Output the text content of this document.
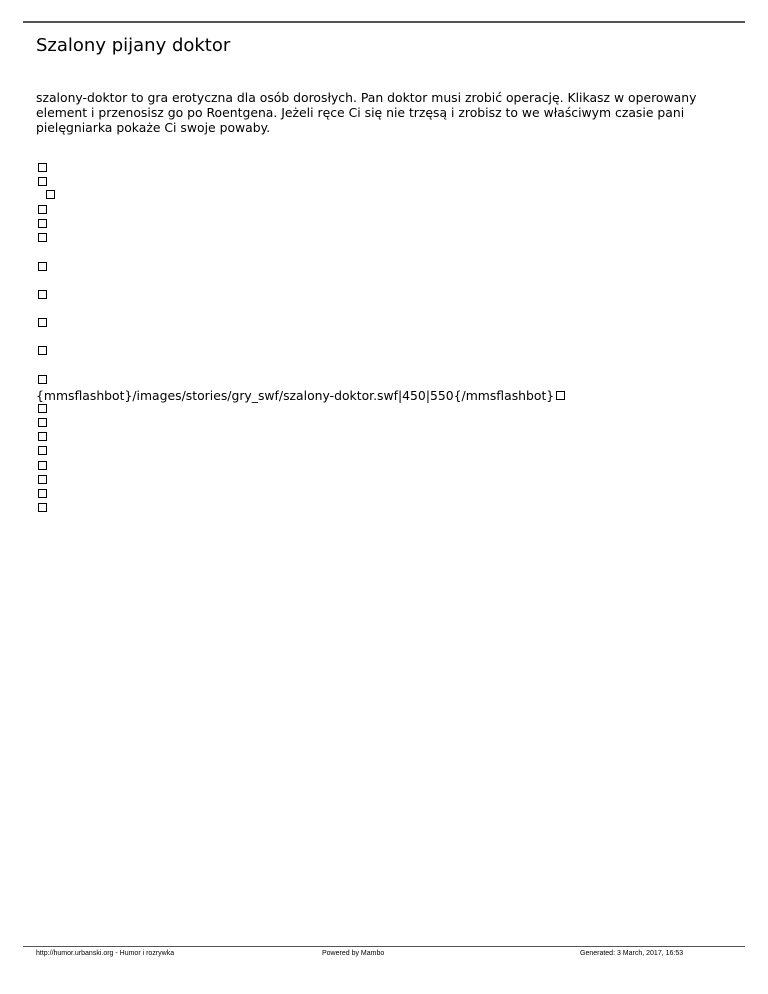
Szalony pijany doktor

szalony-doktor to gra erotyczna dla osób dorosłych. Pan doktor musi zrobić operację. Klikasz w operowany element i przenosisz go po Roentgena. Jeżeli ręce Ci się nie trzęsą i zrobisz to we właściwym czasie pani pielęgniarka pokaże Ci swoje powaby.

{mmsflashbot}/images/stories/gry_swf/szalony-doktor.swf|450|550{/mmsflashbot}
http://humor.urbanski.org - Humor i rozrywka	Powered by Mambo	Generated: 3 March, 2017, 16:53
